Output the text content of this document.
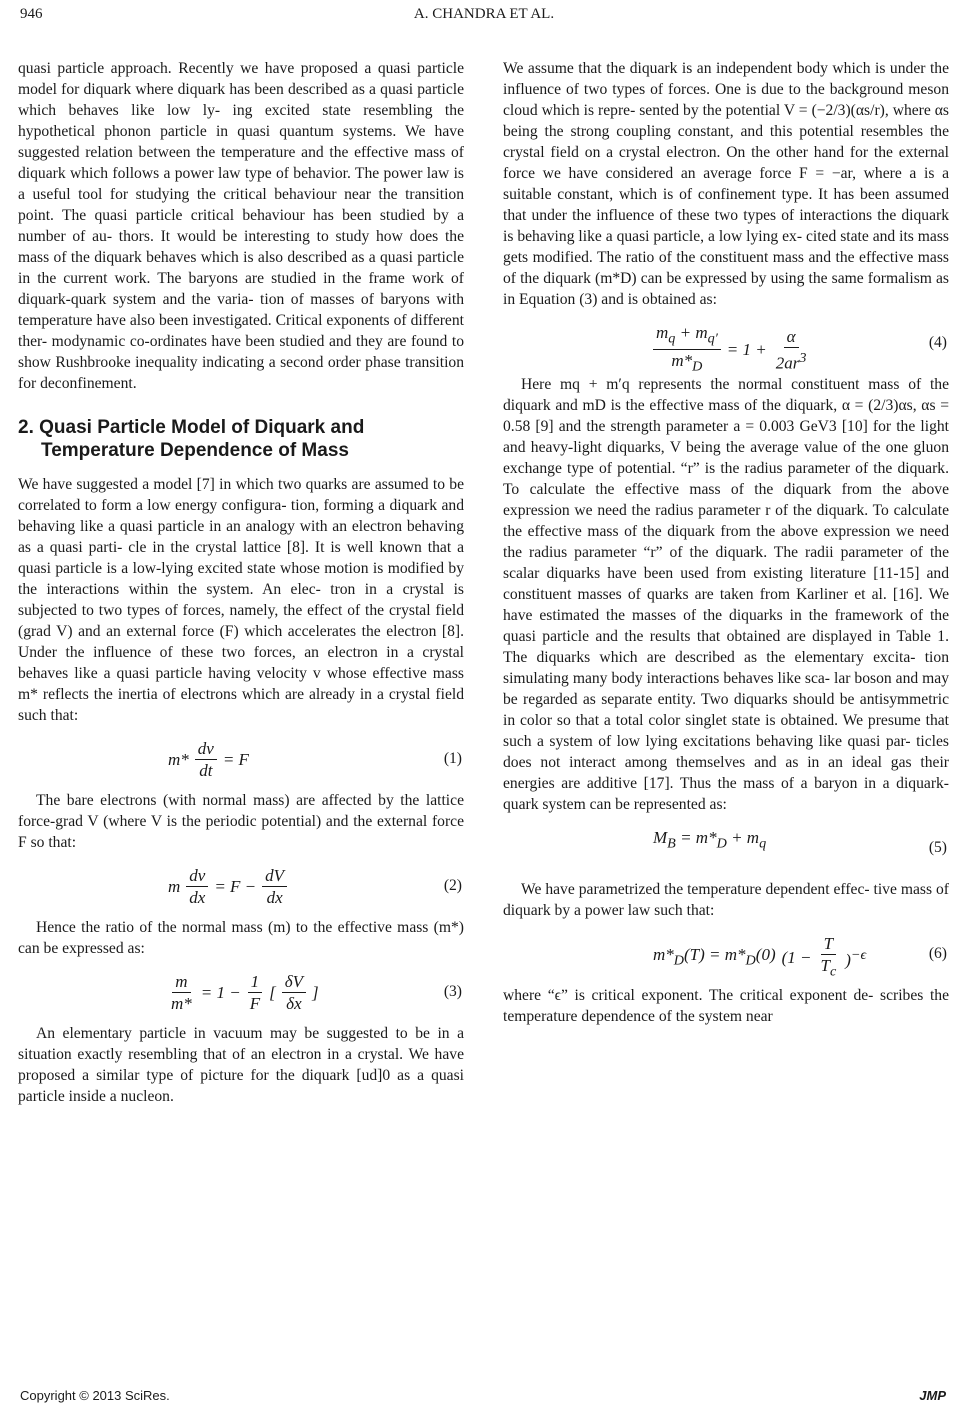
946	A. CHANDRA ET AL.

quasi particle approach. Recently we have proposed a quasi particle model for diquark where diquark has been described as a quasi particle which behaves like low ly- ing excited state resembling the hypothetical phonon particle in quasi quantum systems. We have suggested relation between the temperature and the effective mass of diquark which follows a power law type of behavior. The power law is a useful tool for studying the critical behaviour near the transition point. The quasi particle critical behaviour has been studied by a number of au- thors. It would be interesting to study how does the mass of the diquark behaves which is also described as a quasi particle in the current work. The baryons are studied in the frame work of diquark-quark system and the varia- tion of masses of baryons with temperature have also been investigated. Critical exponents of different ther- modynamic co-ordinates have been studied and they are found to show Rushbrooke inequality indicating a second order phase transition for deconfinement.

2. Quasi Particle Model of Diquark and
Temperature Dependence of Mass

We have suggested a model [7] in which two quarks are assumed to be correlated to form a low energy configura- tion, forming a diquark and behaving like a quasi particle in an analogy with an electron behaving as a quasi parti- cle in the crystal lattice [8]. It is well known that a quasi particle is a low-lying excited state whose motion is modified by the interactions within the system. An elec- tron in a crystal is subjected to two types of forces, namely, the effect of the crystal field (grad V) and an external force (F) which accelerates the electron [8]. Under the influence of these two forces, an electron in a crystal behaves like a quasi particle having velocity v whose effective mass m* reflects the inertia of electrons which are already in a crystal field such that:

$m* \frac{dv}{dt} = F$	(1)

The bare electrons (with normal mass) are affected by the lattice force-grad V (where V is the periodic potential) and the external force F so that:

m $\frac{dv}{dx} = F - \frac{dV}{dx}$	(2)

Hence the ratio of the normal mass (m) to the effective mass (m*) can be expressed as:

$\frac{m}{m*} = 1 - \frac{1}{F}$ [ $\frac{\delta V}{\delta x}$ ]	(3)

An elementary particle in vacuum may be suggested to be in a situation exactly resembling that of an electron in a crystal. We have proposed a similar type of picture for the diquark [ud]0 as a quasi particle inside a nucleon.

We assume that the diquark is an independent body which is under the influence of two types of forces. One is due to the background meson cloud which is repre- sented by the potential V = (−2/3)(αs/r), where αs being the strong coupling constant, and this potential resembles the crystal field on a crystal electron. On the other hand for the external force we have considered an average force F = −ar, where a is a suitable constant, which is of confinement type. It has been assumed that under the influence of these two types of interactions the diquark is behaving like a quasi particle, a low lying ex- cited state and its mass gets modified. The ratio of the constituent mass and the effective mass of the diquark (m*D) can be expressed by using the same formalism as in Equation (3) and is obtained as:

$\frac{m_q + m_{q'}}{m*_D} = 1 + \frac{\alpha}{2ar^3}$	(4)

Here mq + m′q represents the normal constituent mass of the diquark and mD is the effective mass of the diquark, α = (2/3)αs, αs = 0.58 [9] and the strength parameter a = 0.003 GeV3 [10] for the light and heavy-light diquarks, V being the average value of the one gluon exchange type of potential. “r” is the radius parameter of the diquark. To calculate the effective mass of the diquark from the above expression we need the radius parameter r of the diquark. To calculate the effective mass of the diquark from the above expression we need the radius parameter “r” of the diquark. The radii parameter of the scalar diquarks have been used from existing literature [11-15] and constituent masses of quarks are taken from Karliner et al. [16]. We have estimated the masses of the diquarks in the framework of the quasi particle and the results that obtained are displayed in Table 1. The diquarks which are described as the elementary excita- tion simulating many body interactions behaves like sca- lar boson and may be regarded as separate entity. Two diquarks should be antisymmetric in color so that a total color singlet state is obtained. We presume that such a system of low lying excitations behaving like quasi par- ticles does not interact among themselves and as in an ideal gas their energies are additive [17]. Thus the mass of a baryon in a diquark-quark system can be represented as:

$M_B = m*_D + m_q$	(5)

We have parametrized the temperature dependent effec- tive mass of diquark by a power law such that:

$m*_D(T) = m*_D(0) (1 - \frac{T}{T_c} )^{-\epsilon}$	(6)

where “ϵ” is critical exponent. The critical exponent de- scribes the temperature dependence of the system near

Copyright © 2013 SciRes.	JMP
